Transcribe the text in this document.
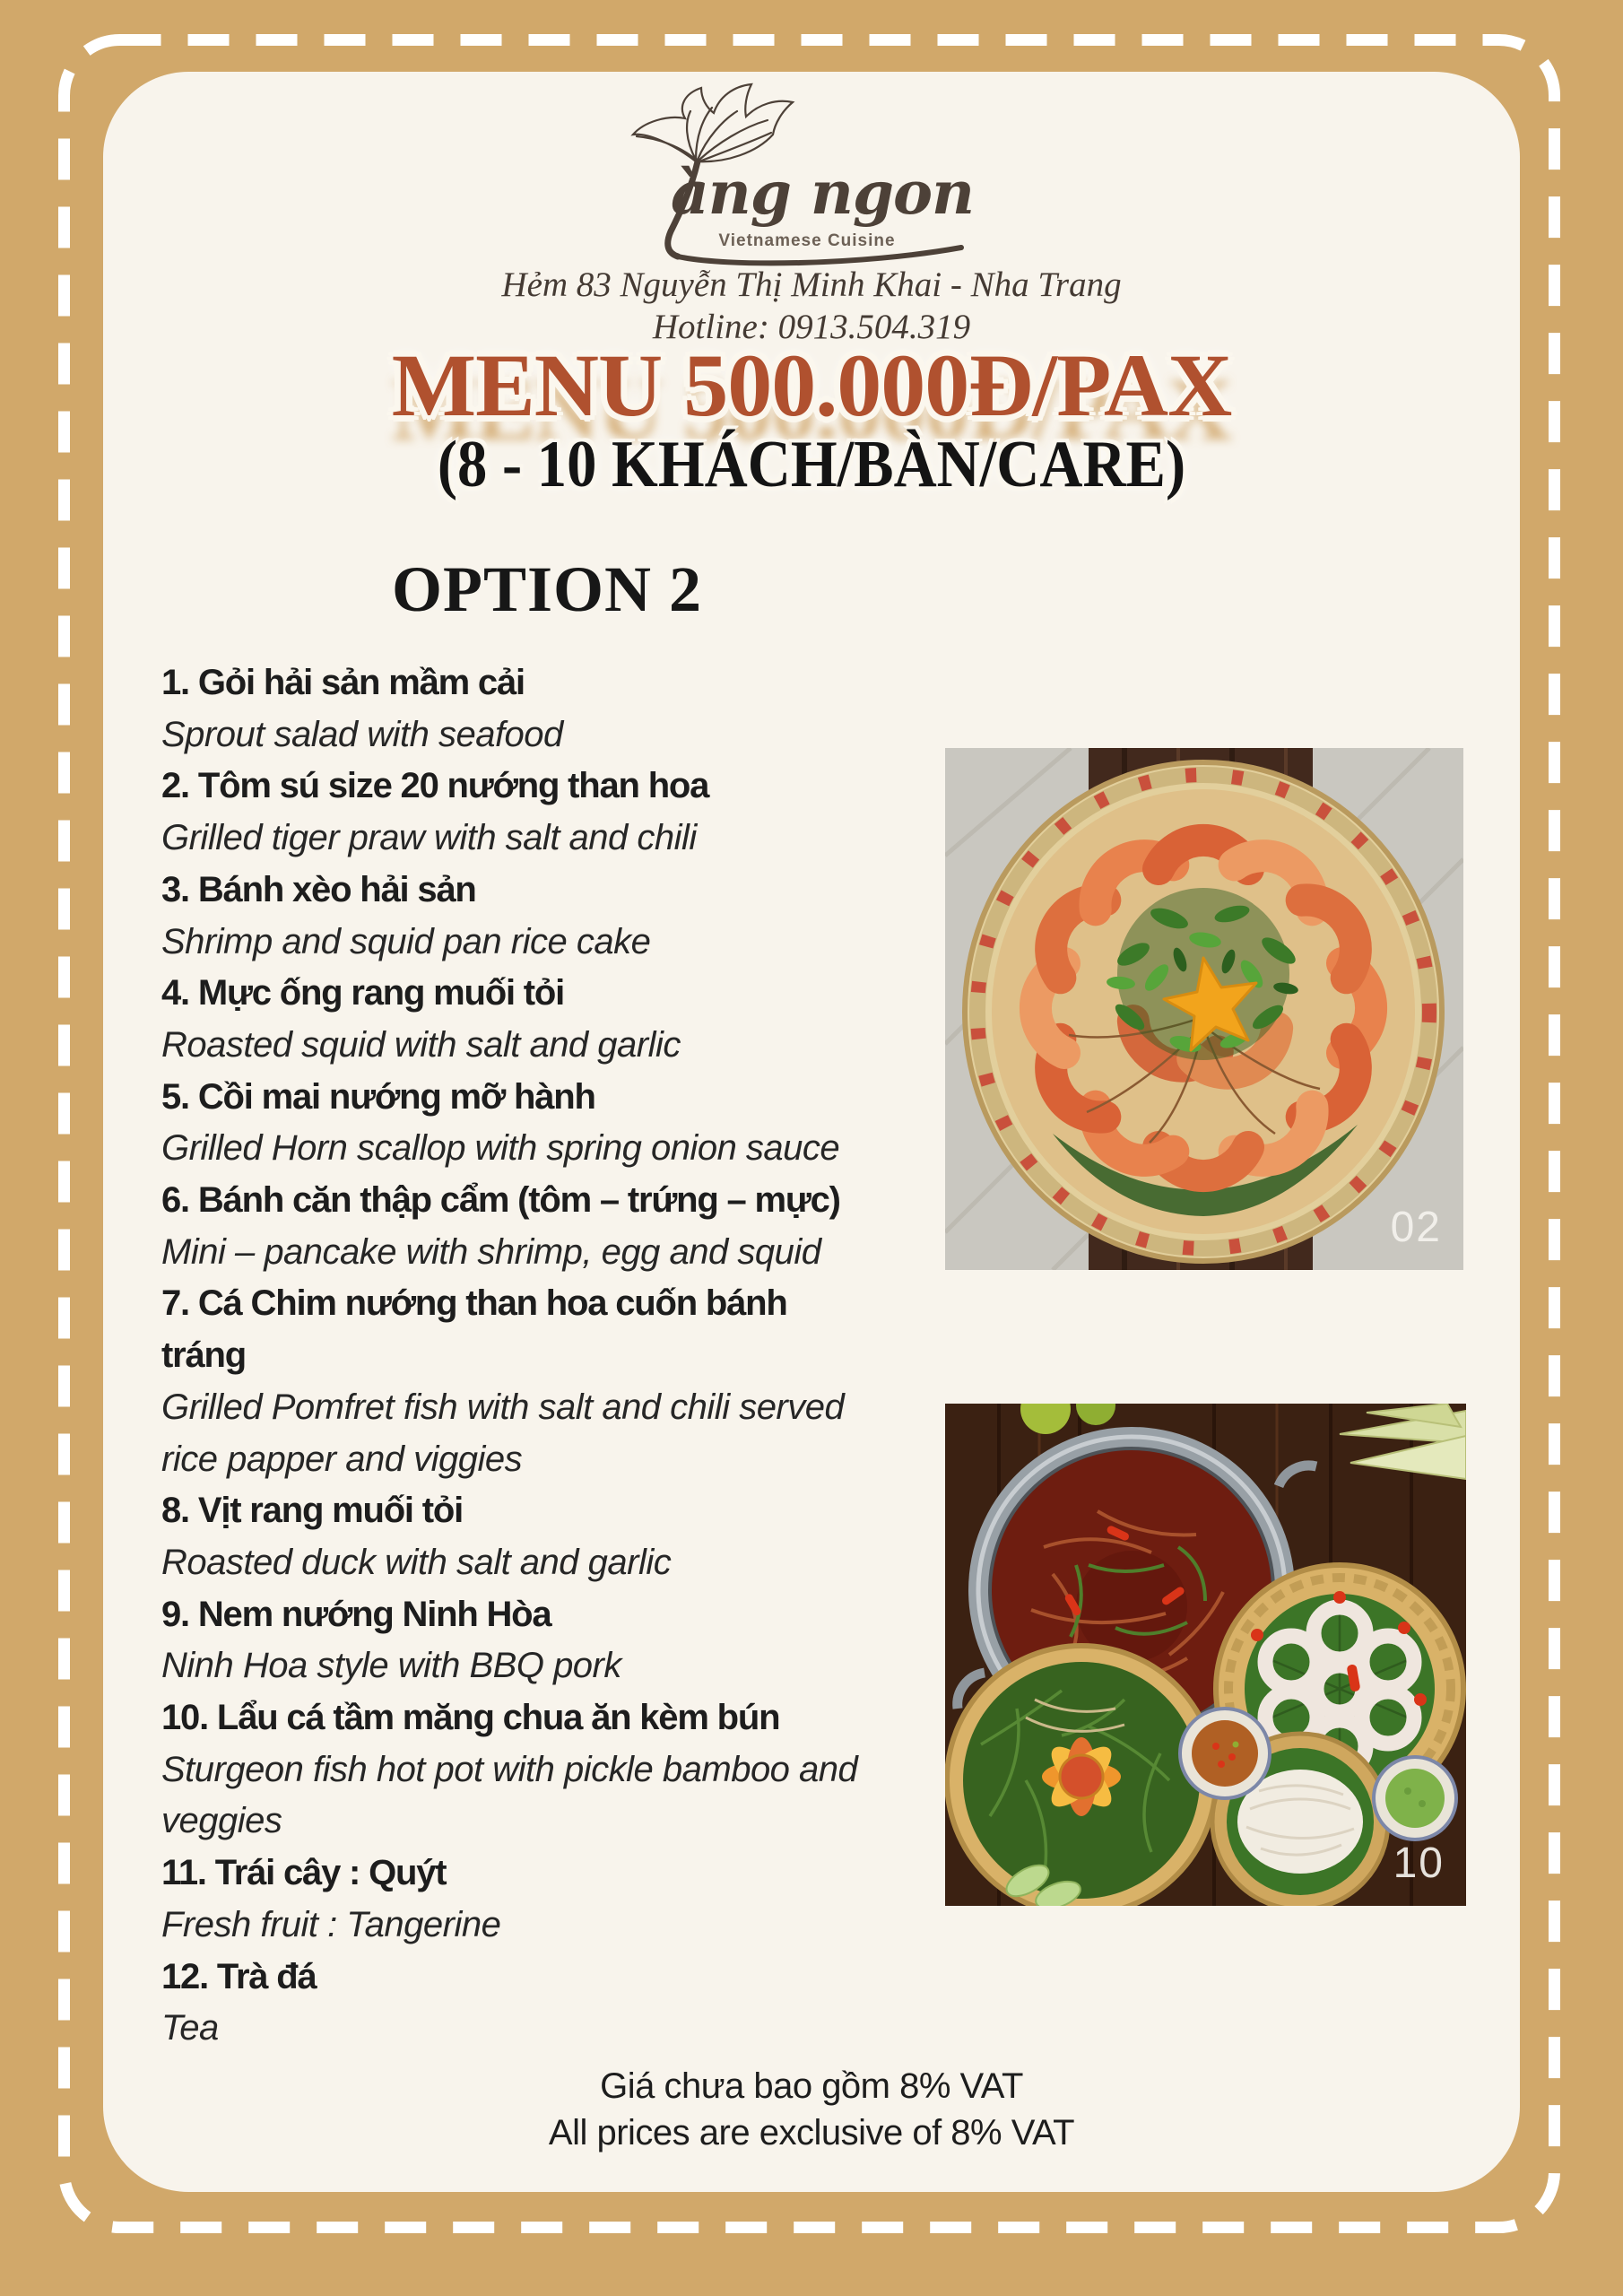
àng ngon
Vietnamese Cuisine
Hẻm 83 Nguyễn Thị Minh Khai - Nha Trang
Hotline: 0913.504.319
MENU 500.000Đ/PAX
(8 - 10 KHÁCH/BÀN/CARE)
OPTION 2
1. Gỏi hải sản mầm cải
Sprout salad with seafood
2. Tôm sú size 20 nướng than hoa
Grilled tiger praw with salt and chili
3. Bánh xèo hải sản
Shrimp and squid pan rice cake
4. Mực ống rang muối tỏi
Roasted squid with salt and garlic
5. Cồi mai nướng mỡ hành
Grilled Horn scallop with spring onion sauce
6. Bánh căn thập cẩm (tôm – trứng – mực)
Mini – pancake with shrimp, egg and squid
7. Cá Chim nướng than hoa cuốn bánh
tráng
Grilled Pomfret fish with salt and chili served
rice papper and viggies
8. Vịt rang muối tỏi
Roasted duck with salt and garlic
9. Nem nướng Ninh Hòa
Ninh Hoa style with BBQ pork
10. Lẩu cá tầm măng chua ăn kèm bún
Sturgeon fish hot pot with pickle bamboo and
veggies
11. Trái cây : Quýt
Fresh fruit : Tangerine
12. Trà đá
Tea
02
10
Giá chưa bao gồm 8% VAT
All prices are exclusive of 8% VAT
